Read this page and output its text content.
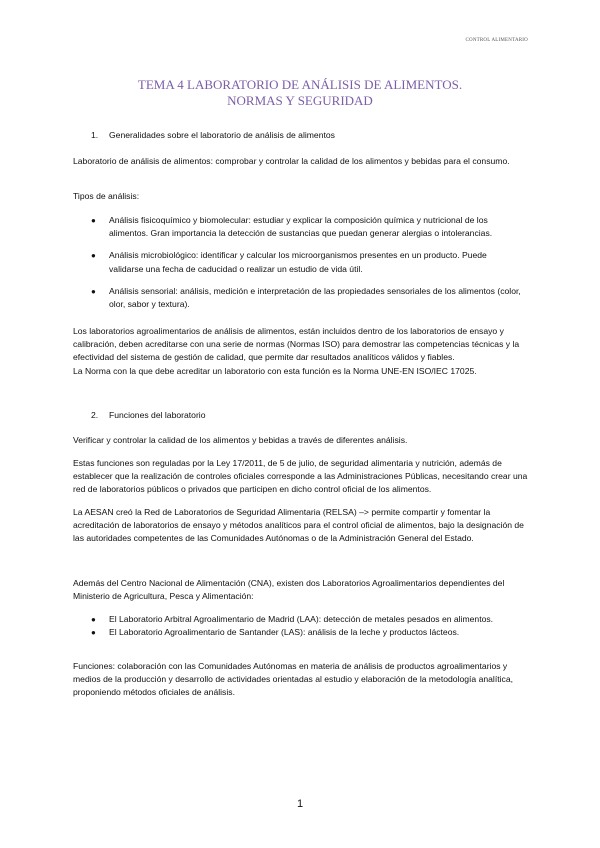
CONTROL ALIMENTARIO
TEMA 4 LABORATORIO DE ANÁLISIS DE ALIMENTOS.
NORMAS Y SEGURIDAD
1. Generalidades sobre el laboratorio de análisis de alimentos

Laboratorio de análisis de alimentos: comprobar y controlar la calidad de los alimentos y bebidas para el consumo.

Tipos de análisis:

● Análisis fisicoquímico y biomolecular: estudiar y explicar la composición química y nutricional de los alimentos. Gran importancia la detección de sustancias que puedan generar alergias o intolerancias.
● Análisis microbiológico: identificar y calcular los microorganismos presentes en un producto. Puede validarse una fecha de caducidad o realizar un estudio de vida útil.
● Análisis sensorial: análisis, medición e interpretación de las propiedades sensoriales de los alimentos (color, olor, sabor y textura).
Los laboratorios agroalimentarios de análisis de alimentos, están incluidos dentro de los laboratorios de ensayo y calibración, deben acreditarse con una serie de normas (Normas ISO) para demostrar las competencias técnicas y la efectividad del sistema de gestión de calidad, que permite dar resultados analíticos válidos y fiables.
La Norma con la que debe acreditar un laboratorio con esta función es la Norma UNE-EN ISO/IEC 17025.
2. Funciones del laboratorio

Verificar y controlar la calidad de los alimentos y bebidas a través de diferentes análisis.

Estas funciones son reguladas por la Ley 17/2011, de 5 de julio, de seguridad alimentaria y nutrición, además de establecer que la realización de controles oficiales corresponde a las Administraciones Públicas, necesitando crear una red de laboratorios públicos o privados que participen en dicho control oficial de los alimentos.

La AESAN creó la Red de Laboratorios de Seguridad Alimentaria (RELSA) –> permite compartir y fomentar la acreditación de laboratorios de ensayo y métodos analíticos para el control oficial de alimentos, bajo la designación de las autoridades competentes de las Comunidades Autónomas o de la Administración General del Estado.

Además del Centro Nacional de Alimentación (CNA), existen dos Laboratorios Agroalimentarios dependientes del Ministerio de Agricultura, Pesca y Alimentación:

● El Laboratorio Arbitral Agroalimentario de Madrid (LAA): detección de metales pesados en alimentos.
● El Laboratorio Agroalimentario de Santander (LAS): análisis de la leche y productos lácteos.

Funciones: colaboración con las Comunidades Autónomas en materia de análisis de productos agroalimentarios y medios de la producción y desarrollo de actividades orientadas al estudio y elaboración de la metodología analítica, proponiendo métodos oficiales de análisis.

1
